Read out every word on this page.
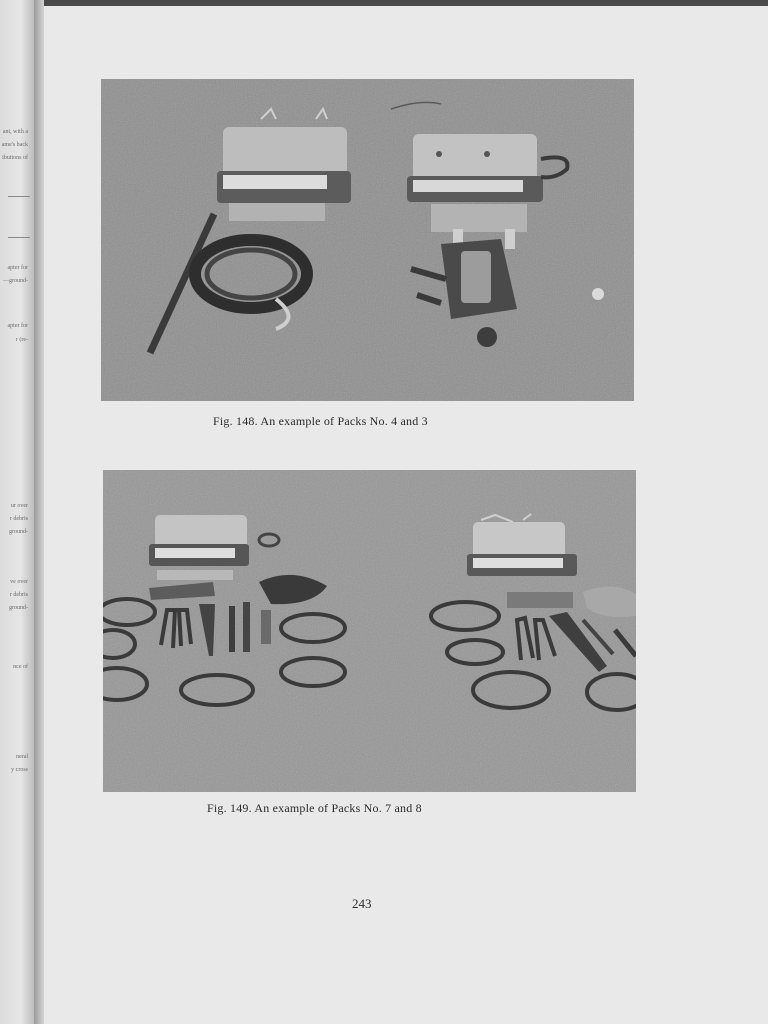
ant, with a
ame's back
ibutions of
apter for
—ground-
apter for
r (re-
ur over
r debris
ground-
ve over
r debris
ground-
nce of
neral
y cross
Fig. 148. An example of Packs No. 4 and 3
Fig. 149. An example of Packs No. 7 and 8
243
